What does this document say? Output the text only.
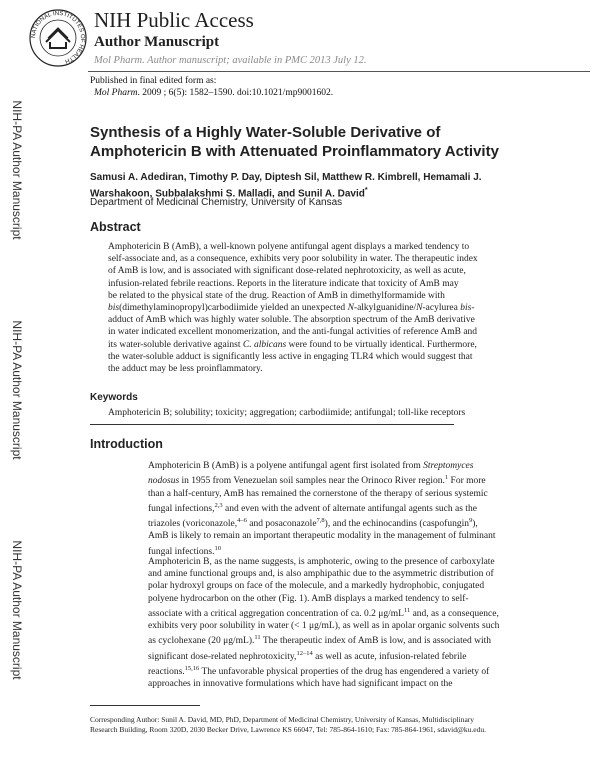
NATIONAL INSTITUTES OF HEALTH
NIH Public Access
Author Manuscript
Mol Pharm. Author manuscript; available in PMC 2013 July 12.
NIH-PA Author Manuscript
NIH-PA Author Manuscript
NIH-PA Author Manuscript
Published in final edited form as:
Mol Pharm. 2009 ; 6(5): 1582–1590. doi:10.1021/mp9001602.
Synthesis of a Highly Water-Soluble Derivative of Amphotericin B with Attenuated Proinflammatory Activity
Samusi A. Adediran, Timothy P. Day, Diptesh Sil, Matthew R. Kimbrell, Hemamali J.
Warshakoon, Subbalakshmi S. Malladi, and Sunil A. David*
Department of Medicinal Chemistry, University of Kansas
Abstract
Amphotericin B (AmB), a well-known polyene antifungal agent displays a marked tendency to
self-associate and, as a consequence, exhibits very poor solubility in water. The therapeutic index
of AmB is low, and is associated with significant dose-related nephrotoxicity, as well as acute,
infusion-related febrile reactions. Reports in the literature indicate that toxicity of AmB may
be related to the physical state of the drug. Reaction of AmB in dimethylformamide with
bis(dimethylaminopropyl)carbodiimide yielded an unexpected N-alkylguanidine/N-acylurea bis-
adduct of AmB which was highly water soluble. The absorption spectrum of the AmB derivative
in water indicated excellent monomerization, and the anti-fungal activities of reference AmB and
its water-soluble derivative against C. albicans were found to be virtually identical. Furthermore,
the water-soluble adduct is significantly less active in engaging TLR4 which would suggest that
the adduct may be less proinflammatory.
Keywords
Amphotericin B; solubility; toxicity; aggregation; carbodiimide; antifungal; toll-like receptors
Introduction
Amphotericin B (AmB) is a polyene antifungal agent first isolated from Streptomyces
nodosus in 1955 from Venezuelan soil samples near the Orinoco River region.$^1$ For more
than a half-century, AmB has remained the cornerstone of the therapy of serious systemic
fungal infections,$^{2,3}$ and even with the advent of alternate antifungal agents such as the
triazoles (voriconazole,$^{4-6}$ and posaconazole$^{7,8}$), and the echinocandins (caspofungin$^9$),
AmB is likely to remain an important therapeutic modality in the management of fulminant
fungal infections.$^{10}$
Amphotericin B, as the name suggests, is amphoteric, owing to the presence of carboxylate
and amine functional groups and, is also amphipathic due to the asymmetric distribution of
polar hydroxyl groups on face of the molecule, and a markedly hydrophobic, conjugated
polyene hydrocarbon on the other (Fig. 1). AmB displays a marked tendency to self-
associate with a critical aggregation concentration of ca. 0.2 $\mu g/mL^{11}$ and, as a consequence,
exhibits very poor solubility in water (< 1 μg/mL), as well as in apolar organic solvents such
as cyclohexane (20 μg/mL).$^{11}$ The therapeutic index of AmB is low, and is associated with
significant dose-related nephrotoxicity,$^{12-14}$ as well as acute, infusion-related febrile
reactions.$^{15,16}$ The unfavorable physical properties of the drug has engendered a variety of
approaches in innovative formulations which have had significant impact on the
Corresponding Author: Sunil A. David, MD, PhD, Department of Medicinal Chemistry, University of Kansas, Multidisciplinary
Research Building, Room 320D, 2030 Becker Drive, Lawrence KS 66047, Tel: 785-864-1610; Fax: 785-864-1961, sdavid@ku.edu.
